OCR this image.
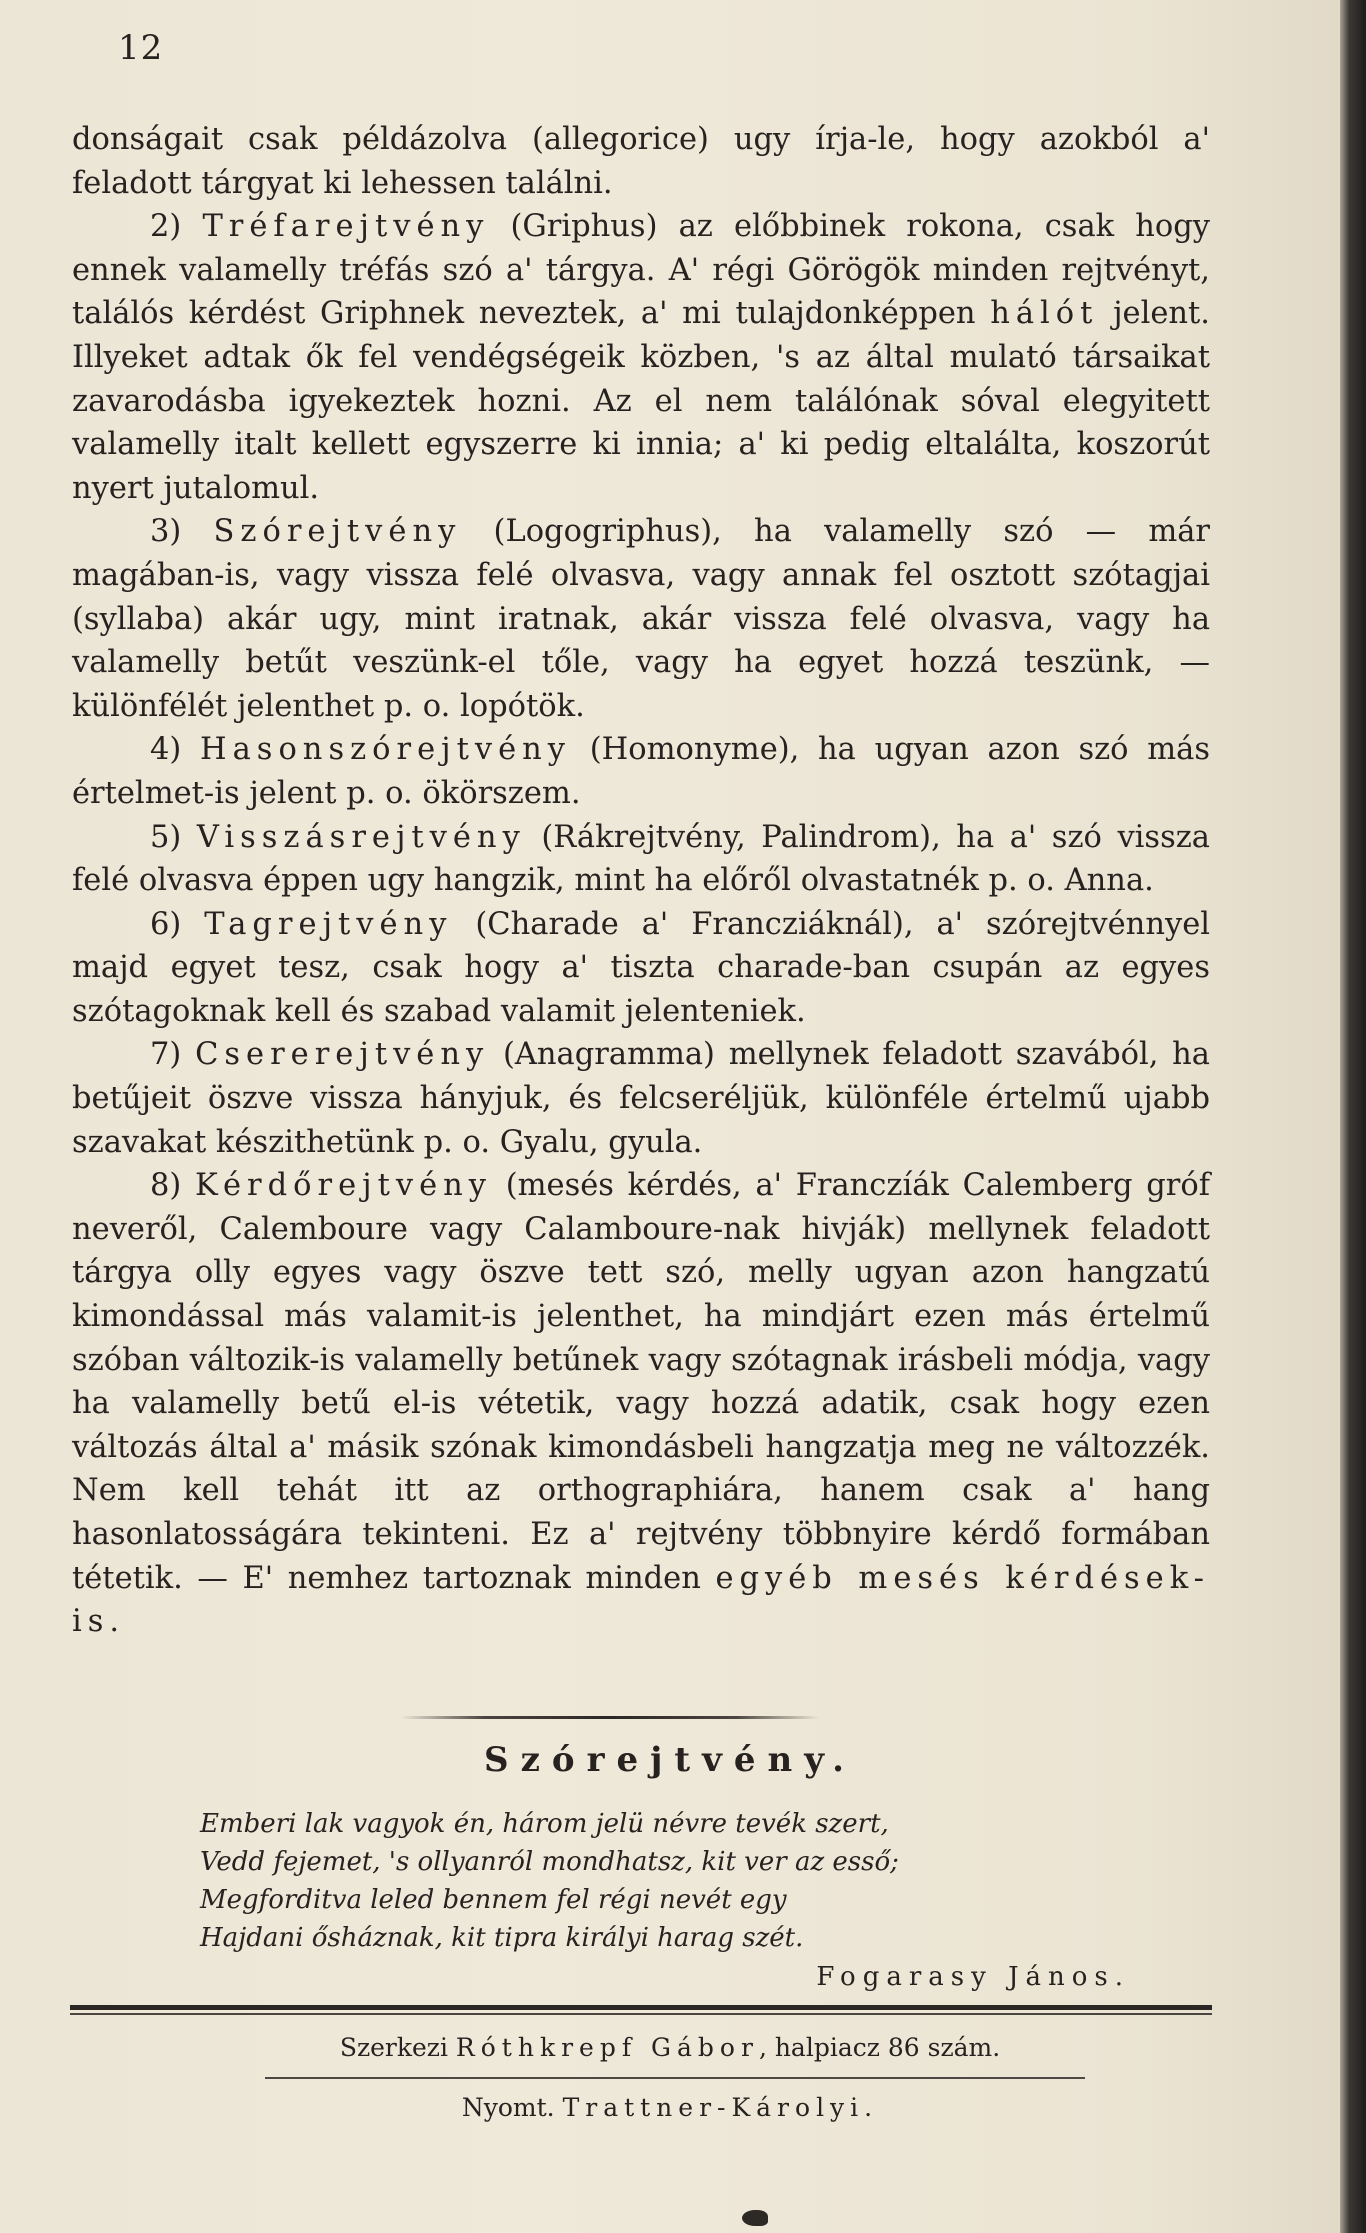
12

donságait csak példázolva (allegorice) ugy írja-le, hogy azokból a' feladott tárgyat ki lehessen találni.

2) Tréfarejtvény (Griphus) az előbbinek rokona, csak hogy ennek valamelly tréfás szó a' tárgya. A' régi Görögök minden rejtvényt, találós kérdést Griphnek neveztek, a' mi tulajdonképpen hálót jelent. Illyeket adtak ők fel vendégségeik közben, 's az által mulató társaikat zavarodásba igyekeztek hozni. Az el nem találónak sóval elegyitett valamelly italt kellett egyszerre ki innia; a' ki pedig eltalálta, koszorút nyert jutalomul.

3) Szórejtvény (Logogriphus), ha valamelly szó — már magában-is, vagy vissza felé olvasva, vagy annak fel osztott szótagjai (syllaba) akár ugy, mint iratnak, akár vissza felé olvasva, vagy ha valamelly betűt veszünk-el tőle, vagy ha egyet hozzá teszünk, — különfélét jelenthet p. o. lopótök.

4) Hasonszórejtvény (Homonyme), ha ugyan azon szó más értelmet-is jelent p. o. ökörszem.

5) Visszásrejtvény (Rákrejtvény, Palindrom), ha a' szó vissza felé olvasva éppen ugy hangzik, mint ha előről olvastatnék p. o. Anna.

6) Tagrejtvény (Charade a' Francziáknál), a' szórejtvénnyel majd egyet tesz, csak hogy a' tiszta charade-ban csupán az egyes szótagoknak kell és szabad valamit jelenteniek.

7) Csererejtvény (Anagramma) mellynek feladott szavából, ha betűjeit öszve vissza hányjuk, és felcseréljük, különféle értelmű ujabb szavakat készithetünk p. o. Gyalu, gyula.

8) Kérdőrejtvény (mesés kérdés, a' Franczíák Calemberg gróf neveről, Calemboure vagy Calamboure-nak hivják) mellynek feladott tárgya olly egyes vagy öszve tett szó, melly ugyan azon hangzatú kimondással más valamit-is jelenthet, ha mindjárt ezen más értelmű szóban változik-is valamelly betűnek vagy szótagnak irásbeli módja, vagy ha valamelly betű el-is vétetik, vagy hozzá adatik, csak hogy ezen változás által a' másik szónak kimondásbeli hangzatja meg ne változzék. Nem kell tehát itt az orthographiára, hanem csak a' hang hasonlatosságára tekinteni. Ez a' rejtvény többnyire kérdő formában tétetik. — E' nemhez tartoznak minden egyéb mesés kérdések-is.

Szórejtvény.

Emberi lak vagyok én, három jelü névre tevék szert,

Vedd fejemet, 's ollyanról mondhatsz, kit ver az esső;

Megforditva leled bennem fel régi nevét egy

Hajdani ősháznak, kit tipra királyi harag szét.

Fogarasy János.

Szerkezi Róthkrepf Gábor, halpiacz 86 szám.

Nyomt. Trattner-Károlyi.
